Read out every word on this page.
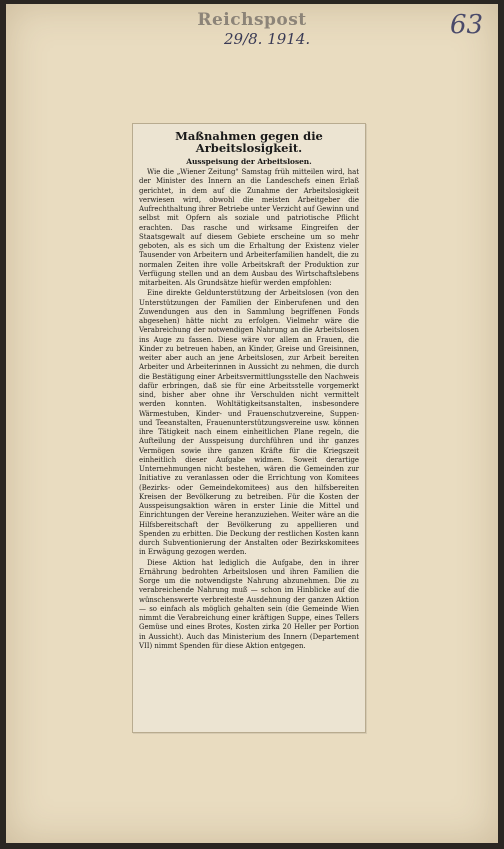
Reichspost
29/8. 1914.	63
Maßnahmen gegen die Arbeitslosigkeit.
Ausspeisung der Arbeitslosen.

Wie die „Wiener Zeitung" Samstag früh mitteilen wird, hat der Minister des Innern an die Landeschefs einen Erlaß gerichtet, in dem auf die Zunahme der Arbeitslosigkeit verwiesen wird, obwohl die meisten Arbeitgeber die Aufrechthaltung ihrer Betriebe unter Verzicht auf Gewinn und selbst mit Opfern als soziale und patriotische Pflicht erachten. Das rasche und wirksame Eingreifen der Staatsgewalt auf diesem Gebiete erscheine um so mehr geboten, als es sich um die Erhaltung der Existenz vieler Tausender von Arbeitern und Arbeiterfamilien handelt, die zu normalen Zeiten ihre volle Arbeitskraft der Produktion zur Verfügung stellen und an dem Ausbau des Wirtschaftslebens mitarbeiten. Als Grundsätze hiefür werden empfohlen:

Eine direkte Geldunterstützung der Arbeitslosen (von den Unterstützungen der Familien der Einberufenen und den Zuwendungen aus den in Sammlung begriffenen Fonds abgesehen) hätte nicht zu erfolgen. Vielmehr wäre die Verabreichung der notwendigen Nahrung an die Arbeitslosen ins Auge zu fassen. Diese wäre vor allem an Frauen, die Kinder zu betreuen haben, an Kinder, Greise und Greisinnen, weiter aber auch an jene Arbeitslosen, zur Arbeit bereiten Arbeiter und Arbeiterinnen in Aussicht zu nehmen, die durch die Bestätigung einer Arbeitsvermittlungsstelle den Nachweis dafür erbringen, daß sie für eine Arbeitsstelle vorgemerkt sind, bisher aber ohne ihr Verschulden nicht vermittelt werden konnten. Wohltätigkeitsanstalten, insbesondere Wärmestuben, Kinder- und Frauenschutzvereine, Suppen- und Teeanstalten, Frauenunterstützungsvereine usw. können ihre Tätigkeit nach einem einheitlichen Plane regeln, die Aufteilung der Ausspeisung durchführen und ihr ganzes Vermögen sowie ihre ganzen Kräfte für die Kriegszeit einheitlich dieser Aufgabe widmen. Soweit derartige Unternehmungen nicht bestehen, wären die Gemeinden zur Initiative zu veranlassen oder die Errichtung von Komitees (Bezirks- oder Gemeindekomitees) aus den hilfsbereiten Kreisen der Bevölkerung zu betreiben. Für die Kosten der Ausspeisungsaktion wären in erster Linie die Mittel und Einrichtungen der Vereine heranzuziehen. Weiter wäre an die Hilfsbereitschaft der Bevölkerung zu appellieren und Spenden zu erbitten. Die Deckung der restlichen Kosten kann durch Subventionierung der Anstalten oder Bezirkskomitees in Erwägung gezogen werden.

Diese Aktion hat lediglich die Aufgabe, den in ihrer Ernährung bedrohten Arbeitslosen und ihren Familien die Sorge um die notwendigste Nahrung abzunehmen. Die zu verabreichende Nahrung muß — schon im Hinblicke auf die wünschenswerte verbreiteste Ausdehnung der ganzen Aktion — so einfach als möglich gehalten sein (die Gemeinde Wien nimmt die Verabreichung einer kräftigen Suppe, eines Tellers Gemüse und eines Brotes, Kosten zirka 20 Heller per Portion in Aussicht). Auch das Ministerium des Innern (Departement VII) nimmt Spenden für diese Aktion entgegen.
